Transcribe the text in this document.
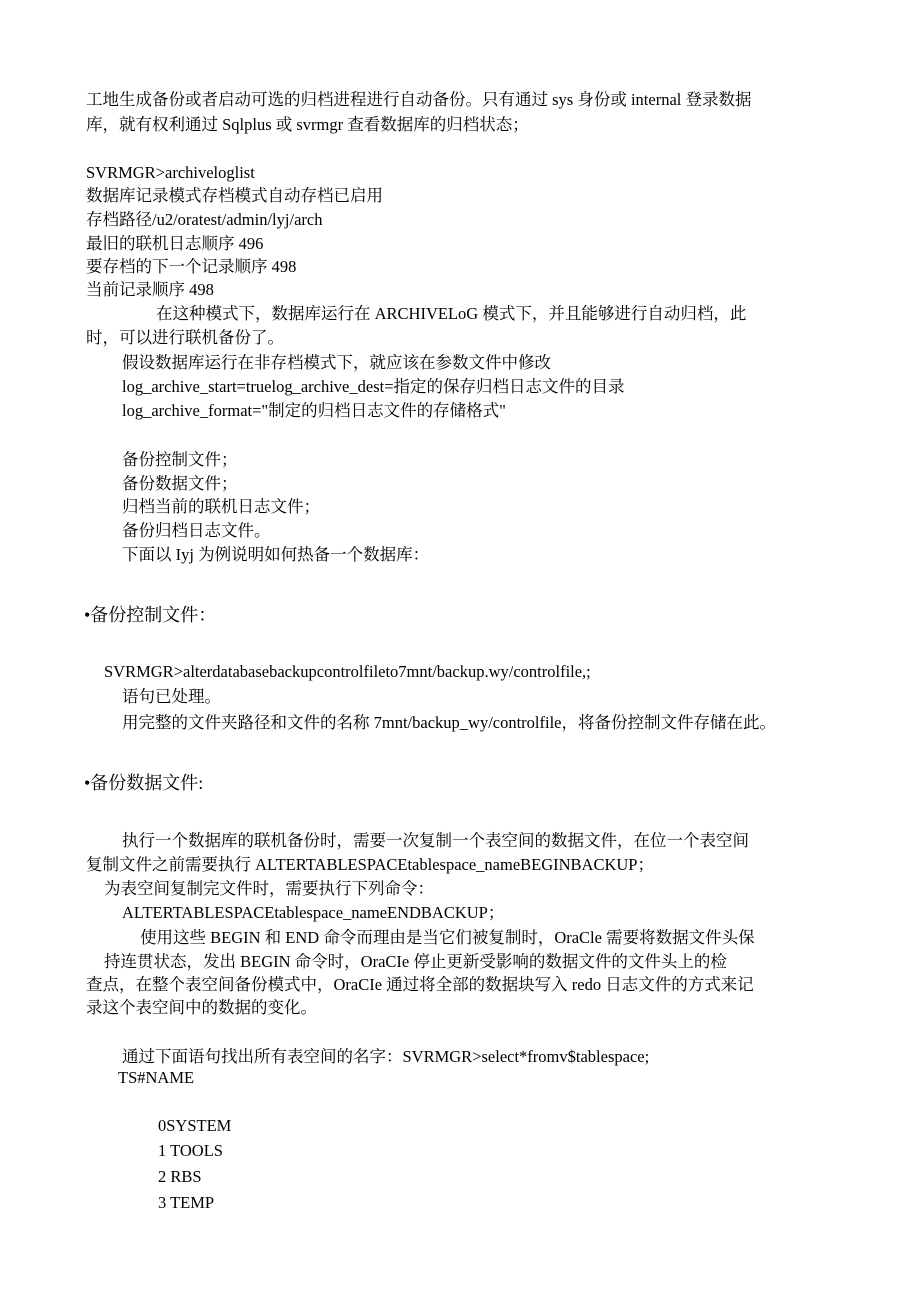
工地生成备份或者启动可选的归档进程进行自动备份。只有通过 sys 身份或 internal 登录数据
库，就有权利通过 Sqlplus 或 svrmgr 查看数据库的归档状态；
SVRMGR>archiveloglist
数据库记录模式存档模式自动存档已启用
存档路径/u2/oratest/admin/lyj/arch
最旧的联机日志顺序 496
要存档的下一个记录顺序 498
当前记录顺序 498
在这种模式下，数据库运行在 ARCHIVELoG 模式下，并且能够进行自动归档，此
时，可以进行联机备份了。
假设数据库运行在非存档模式下，就应该在参数文件中修改
log_archive_start=truelog_archive_dest=指定的保存归档日志文件的目录
log_archive_format="制定的归档日志文件的存储格式"
备份控制文件；
备份数据文件；
归档当前的联机日志文件；
备份归档日志文件。
下面以 Iyj 为例说明如何热备一个数据库：
•备份控制文件：
SVRMGR>alterdatabasebackupcontrolfileto7mnt/backup.wy/controlfile,;
语句已处理。
用完整的文件夹路径和文件的名称 7mnt/backup_wy/controlfile，将备份控制文件存储在此。
•备份数据文件:
执行一个数据库的联机备份时，需要一次复制一个表空间的数据文件，在位一个表空间
复制文件之前需要执行 ALTERTABLESPACEtablespace_nameBEGINBACKUP；
为表空间复制完文件时，需要执行下列命令：
ALTERTABLESPACEtablespace_nameENDBACKUP；
使用这些 BEGIN 和 END 命令而理由是当它们被复制时，OraCle 需要将数据文件头保
持连贯状态，发出 BEGIN 命令时，OraCIe 停止更新受影响的数据文件的文件头上的检
查点，在整个表空间备份模式中，OraCIe 通过将全部的数据块写入 redo 日志文件的方式来记
录这个表空间中的数据的变化。
通过下面语句找出所有表空间的名字：SVRMGR>select*fromv$tablespace;
TS#NAME
0SYSTEM
1 TOOLS
2 RBS
3 TEMP
